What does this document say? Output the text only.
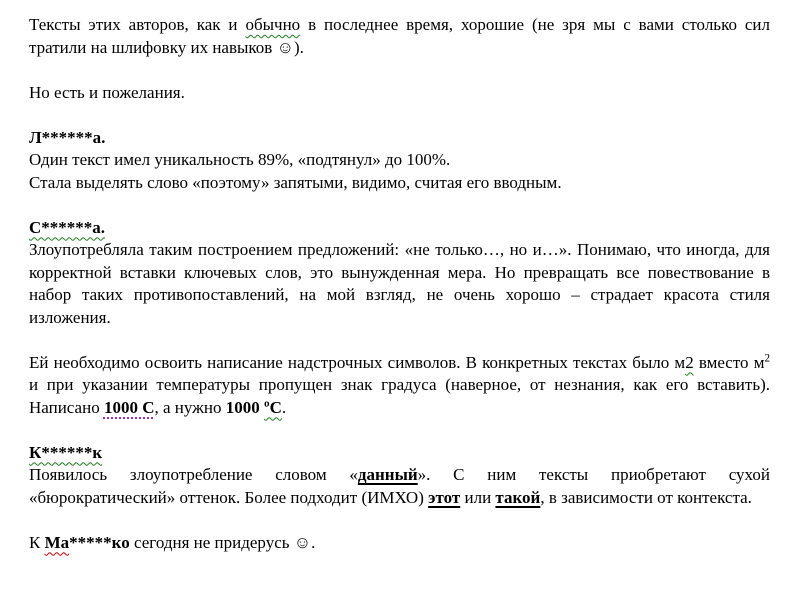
Тексты этих авторов, как и обычно в последнее время, хорошие (не зря мы с вами столько сил тратили на шлифовку их навыков ☺).

Но есть и пожелания.

Л******а.

Один текст имел уникальность 89%, «подтянул» до 100%.

Стала выделять слово «поэтому» запятыми, видимо, считая его вводным.

С******а.

Злоупотребляла таким построением предложений: «не только…, но и…». Понимаю, что иногда, для корректной вставки ключевых слов, это вынужденная мера. Но превращать все повествование в набор таких противопоставлений, на мой взгляд, не очень хорошо – страдает красота стиля изложения.

Ей необходимо освоить написание надстрочных символов. В конкретных текстах было м2 вместо $м^2$ и при указании температуры пропущен знак градуса (наверное, от незнания, как его вставить). Написано 1000 С, а нужно 1000 ºС.

К******к

Появилось злоупотребление словом «данный». С ним тексты приобретают сухой «бюрократический» оттенок. Более подходит (ИМХО) этот или такой, в зависимости от контекста.

К Ма*****ко сегодня не придерусь ☺.
